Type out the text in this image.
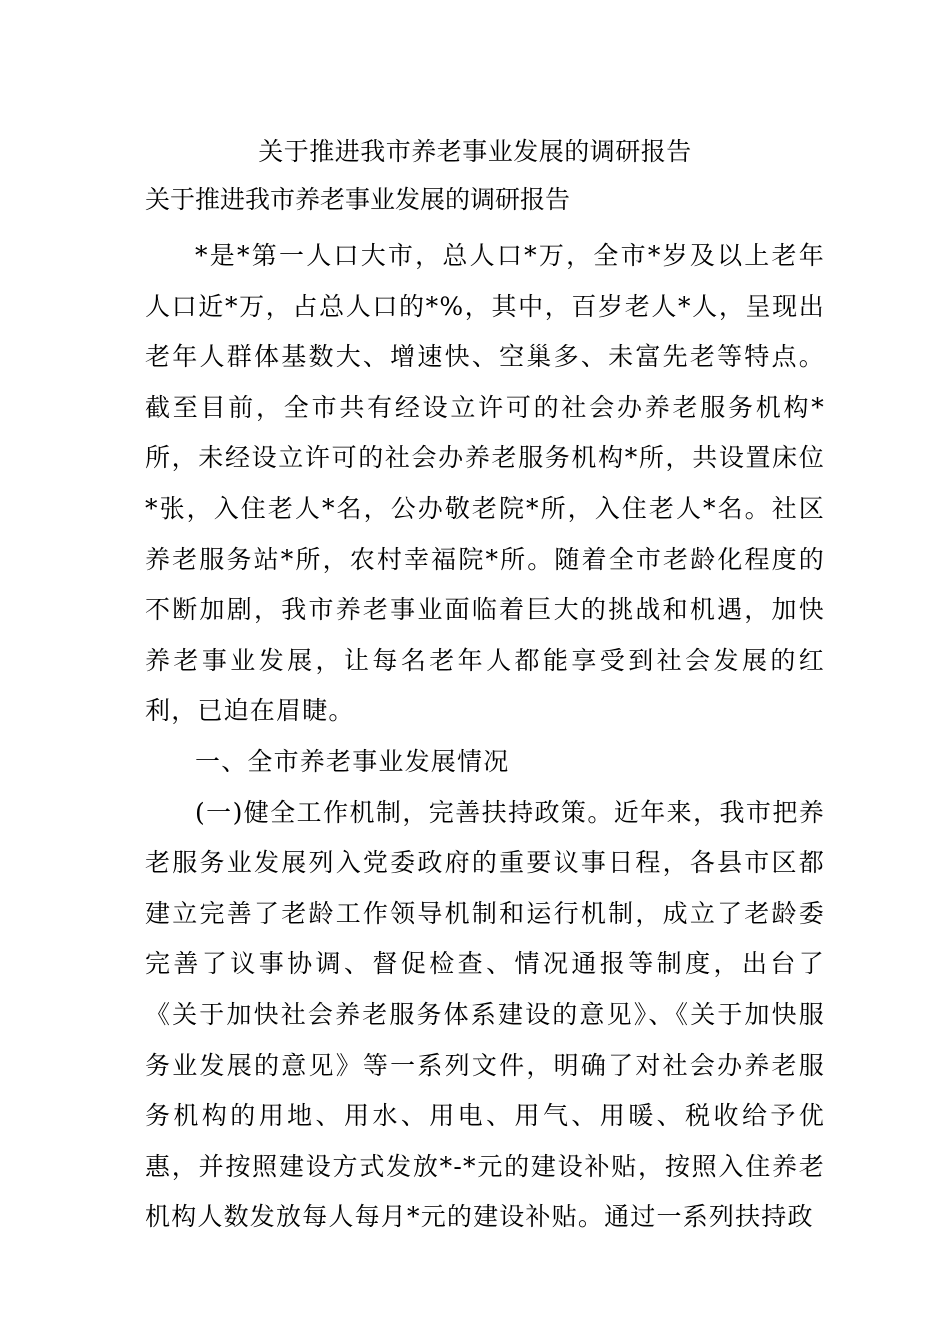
关于推进我市养老事业发展的调研报告

关于推进我市养老事业发展的调研报告

*是*第一人口大市，总人口*万，全市*岁及以上老年人口近*万，占总人口的*%，其中，百岁老人*人，呈现出老年人群体基数大、增速快、空巢多、未富先老等特点。截至目前，全市共有经设立许可的社会办养老服务机构*所，未经设立许可的社会办养老服务机构*所，共设置床位*张，入住老人*名，公办敬老院*所，入住老人*名。社区养老服务站*所，农村幸福院*所。随着全市老龄化程度的不断加剧，我市养老事业面临着巨大的挑战和机遇，加快养老事业发展，让每名老年人都能享受到社会发展的红利，已迫在眉睫。

一、全市养老事业发展情况

(一)健全工作机制，完善扶持政策。近年来，我市把养老服务业发展列入党委政府的重要议事日程，各县市区都建立完善了老龄工作领导机制和运行机制，成立了老龄委完善了议事协调、督促检查、情况通报等制度，出台了《关于加快社会养老服务体系建设的意见》、《关于加快服务业发展的意见》等一系列文件，明确了对社会办养老服务机构的用地、用水、用电、用气、用暖、税收给予优惠，并按照建设方式发放*-*元的建设补贴，按照入住养老机构人数发放每人每月*元的建设补贴。通过一系列扶持政
